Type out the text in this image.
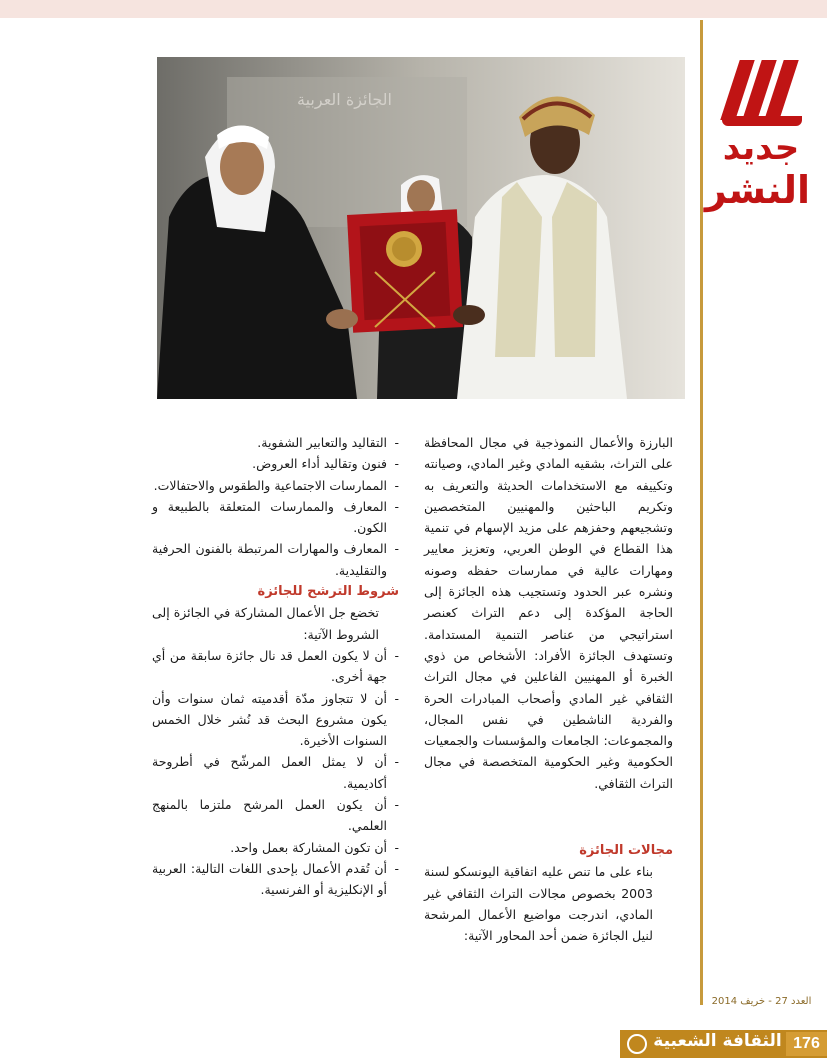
جديد
النشر
الجائزة العربية

البارزة والأعمال النموذجية في مجال المحافظة على التراث، بشقيه المادي وغير المادي، وصيانته وتكييفه مع الاستخدامات الحديثة والتعريف به وتكريم الباحثين والمهنيين المتخصصين وتشجيعهم وحفزهم على مزيد الإسهام في تنمية هذا القطاع في الوطن العربي، وتعزيز معايير ومهارات عالية في ممارسات حفظه وصونه ونشره عبر الحدود وتستجيب هذه الجائزة إلى الحاجة المؤكدة إلى دعم التراث كعنصر استراتيجي من عناصر التنمية المستدامة. وتستهدف الجائزة الأفراد: الأشخاص من ذوي الخبرة أو المهنيين الفاعلين في مجال التراث الثقافي غير المادي وأصحاب المبادرات الحرة والفردية الناشطين في نفس المجال، والمجموعات: الجامعات والمؤسسات والجمعيات الحكومية وغير الحكومية المتخصصة في مجال التراث الثقافي.

مجالات الجائزة

بناء على ما تنص عليه اتفاقية اليونسكو لسنة 2003 بخصوص مجالات التراث الثقافي غير المادي، اندرجت مواضيع الأعمال المرشحة لنيل الجائزة ضمن أحد المحاور الآتية:

- التقاليد والتعابير الشفوية.
- فنون وتقاليد أداء العروض.
- الممارسات الاجتماعية والطقوس والاحتفالات.
- المعارف والممارسات المتعلقة بالطبيعة و الكون.
- المعارف والمهارات المرتبطة بالفنون الحرفية والتقليدية.

شروط الترشح للجائزة

تخضع جل الأعمال المشاركة في الجائزة إلى الشروط الآتية:

- أن لا يكون العمل قد نال جائزة سابقة من أي جهة أخرى.
- أن لا تتجاوز مدّة أقدميته ثمان سنوات وأن يكون مشروع البحث قد نُشر خلال الخمس السنوات الأخيرة.
- أن لا يمثل العمل المرشّح في أطروحة أكاديمية.
- أن يكون العمل المرشح ملتزما بالمنهج العلمي.
- أن تكون المشاركة بعمل واحد.
- أن تُقدم الأعمال بإحدى اللغات التالية: العربية أو الإنكليزية أو الفرنسية.
العدد 27 - خريف 2014
الثقافة الشعبية 176
